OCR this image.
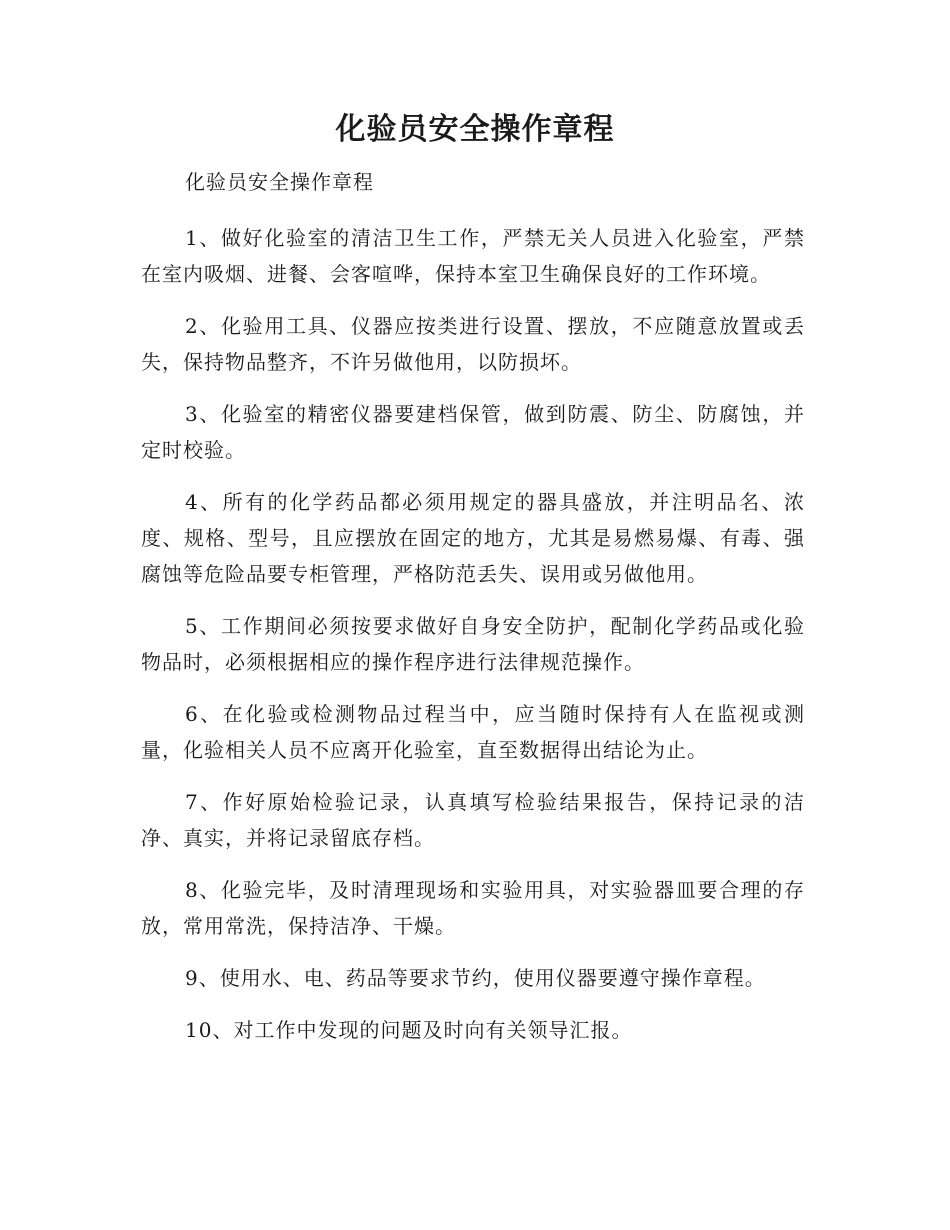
化验员安全操作章程

化验员安全操作章程

1、做好化验室的清洁卫生工作，严禁无关人员进入化验室，严禁在室内吸烟、进餐、会客喧哗，保持本室卫生确保良好的工作环境。

2、化验用工具、仪器应按类进行设置、摆放，不应随意放置或丢失，保持物品整齐，不许另做他用，以防损坏。

3、化验室的精密仪器要建档保管，做到防震、防尘、防腐蚀，并定时校验。

4、所有的化学药品都必须用规定的器具盛放，并注明品名、浓度、规格、型号，且应摆放在固定的地方，尤其是易燃易爆、有毒、强腐蚀等危险品要专柜管理，严格防范丢失、误用或另做他用。

5、工作期间必须按要求做好自身安全防护，配制化学药品或化验物品时，必须根据相应的操作程序进行法律规范操作。

6、在化验或检测物品过程当中，应当随时保持有人在监视或测量，化验相关人员不应离开化验室，直至数据得出结论为止。

7、作好原始检验记录，认真填写检验结果报告，保持记录的洁净、真实，并将记录留底存档。

8、化验完毕，及时清理现场和实验用具，对实验器皿要合理的存放，常用常洗，保持洁净、干燥。

9、使用水、电、药品等要求节约，使用仪器要遵守操作章程。

10、对工作中发现的问题及时向有关领导汇报。
